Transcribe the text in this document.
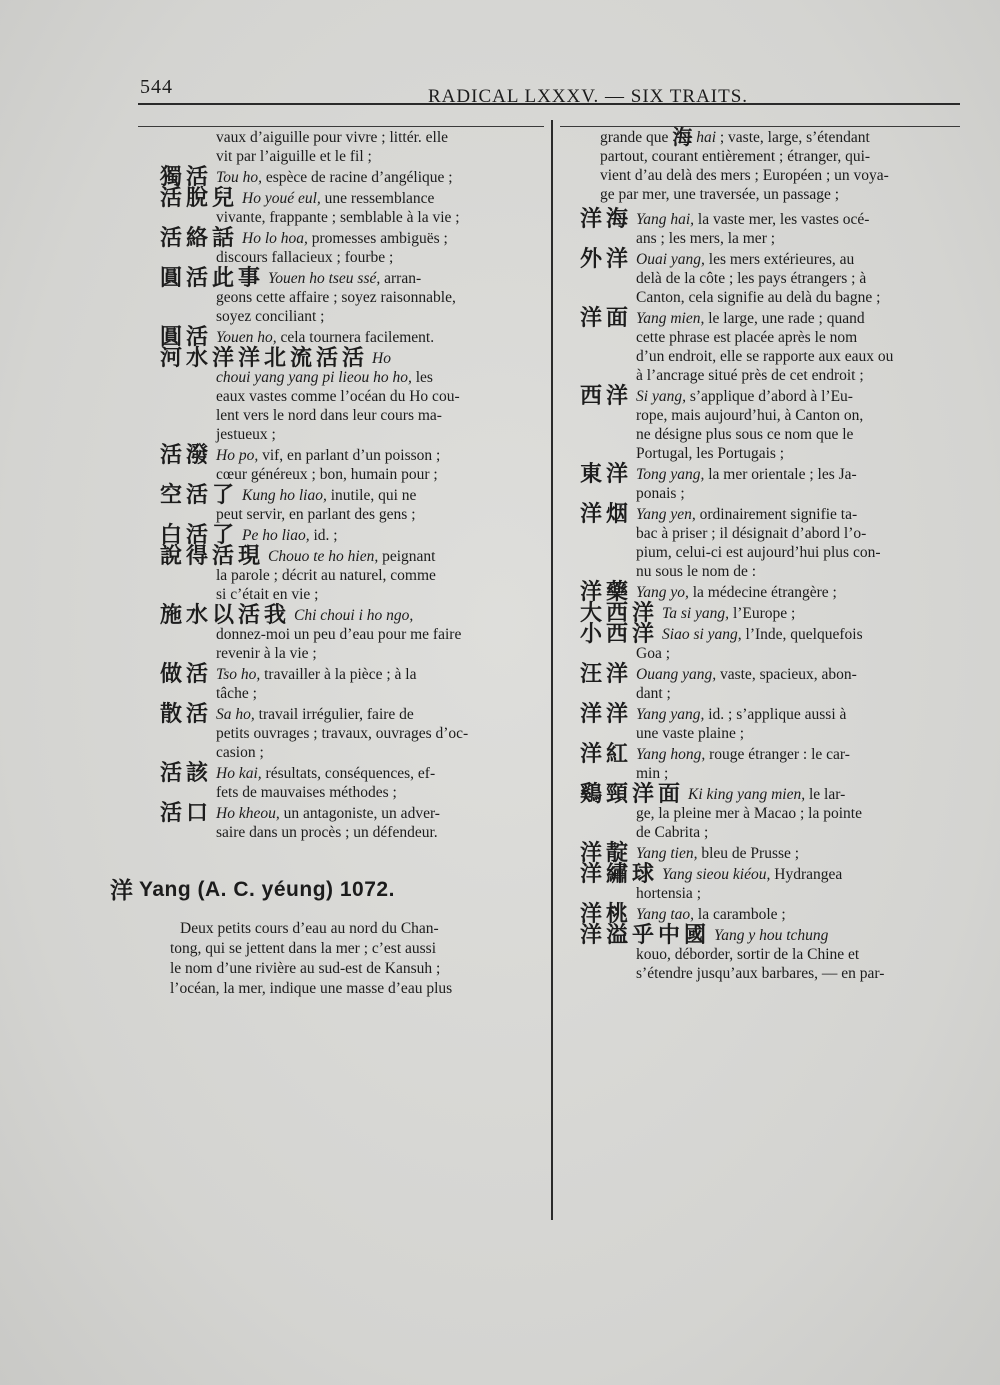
544	RADICAL LXXXV. — SIX TRAITS.
vaux d’aiguille pour vivre ; littér. elle
vit par l’aiguille et le fil ;
獨活 Tou ho, espèce de racine d’angélique ;
活脫兒 Ho youé eul, une ressemblance
vivante, frappante ; semblable à la vie ;
活絡話 Ho lo hoa, promesses ambiguës ;
discours fallacieux ; fourbe ;
圓活此事 Youen ho tseu ssé, arran-
geons cette affaire ; soyez raisonnable,
soyez conciliant ;
圓活 Youen ho, cela tournera facilement.
河水洋洋北流活活 Ho
choui yang yang pi lieou ho ho, les
eaux vastes comme l’océan du Ho cou-
lent vers le nord dans leur cours ma-
jestueux ;
活潑 Ho po, vif, en parlant d’un poisson ;
cœur généreux ; bon, humain pour ;
空活了 Kung ho liao, inutile, qui ne
peut servir, en parlant des gens ;
白活了 Pe ho liao, id. ;
說得活現 Chouo te ho hien, peignant
la parole ; décrit au naturel, comme
si c’était en vie ;
施水以活我 Chi choui i ho ngo,
donnez-moi un peu d’eau pour me faire
revenir à la vie ;
做活 Tso ho, travailler à la pièce ; à la
tâche ;
散活 Sa ho, travail irrégulier, faire de
petits ouvrages ; travaux, ouvrages d’oc-
casion ;
活該 Ho kai, résultats, conséquences, ef-
fets de mauvaises méthodes ;
活口 Ho kheou, un antagoniste, un adver-
saire dans un procès ; un défendeur.
洋 Yang (A. C. yéung) 1072.
Deux petits cours d’eau au nord du Chan-
tong, qui se jettent dans la mer ; c’est aussi
le nom d’une rivière au sud-est de Kansuh ;
l’océan, la mer, indique une masse d’eau plus
grande que 海 hai ; vaste, large, s’étendant
partout, courant entièrement ; étranger, qui-
vient d’au delà des mers ; Européen ; un voya-
ge par mer, une traversée, un passage ;
洋海 Yang hai, la vaste mer, les vastes océ-
ans ; les mers, la mer ;
外洋 Ouai yang, les mers extérieures, au
delà de la côte ; les pays étrangers ; à
Canton, cela signifie au delà du bagne ;
洋面 Yang mien, le large, une rade ; quand
cette phrase est placée après le nom
d’un endroit, elle se rapporte aux eaux ou
à l’ancrage situé près de cet endroit ;
西洋 Si yang, s’applique d’abord à l’Eu-
rope, mais aujourd’hui, à Canton on,
ne désigne plus sous ce nom que le
Portugal, les Portugais ;
東洋 Tong yang, la mer orientale ; les Ja-
ponais ;
洋烟 Yang yen, ordinairement signifie ta-
bac à priser ; il désignait d’abord l’o-
pium, celui-ci est aujourd’hui plus con-
nu sous le nom de :
洋藥 Yang yo, la médecine étrangère ;
大西洋 Ta si yang, l’Europe ;
小西洋 Siao si yang, l’Inde, quelquefois
Goa ;
汪洋 Ouang yang, vaste, spacieux, abon-
dant ;
洋洋 Yang yang, id. ; s’applique aussi à
une vaste plaine ;
洋紅 Yang hong, rouge étranger : le car-
min ;
鷄頸洋面 Ki king yang mien, le lar-
ge, la pleine mer à Macao ; la pointe
de Cabrita ;
洋靛 Yang tien, bleu de Prusse ;
洋繡球 Yang sieou kiéou, Hydrangea
hortensia ;
洋桃 Yang tao, la carambole ;
洋溢乎中國 Yang y hou tchung
kouo, déborder, sortir de la Chine et
s’étendre jusqu’aux barbares, — en par-
